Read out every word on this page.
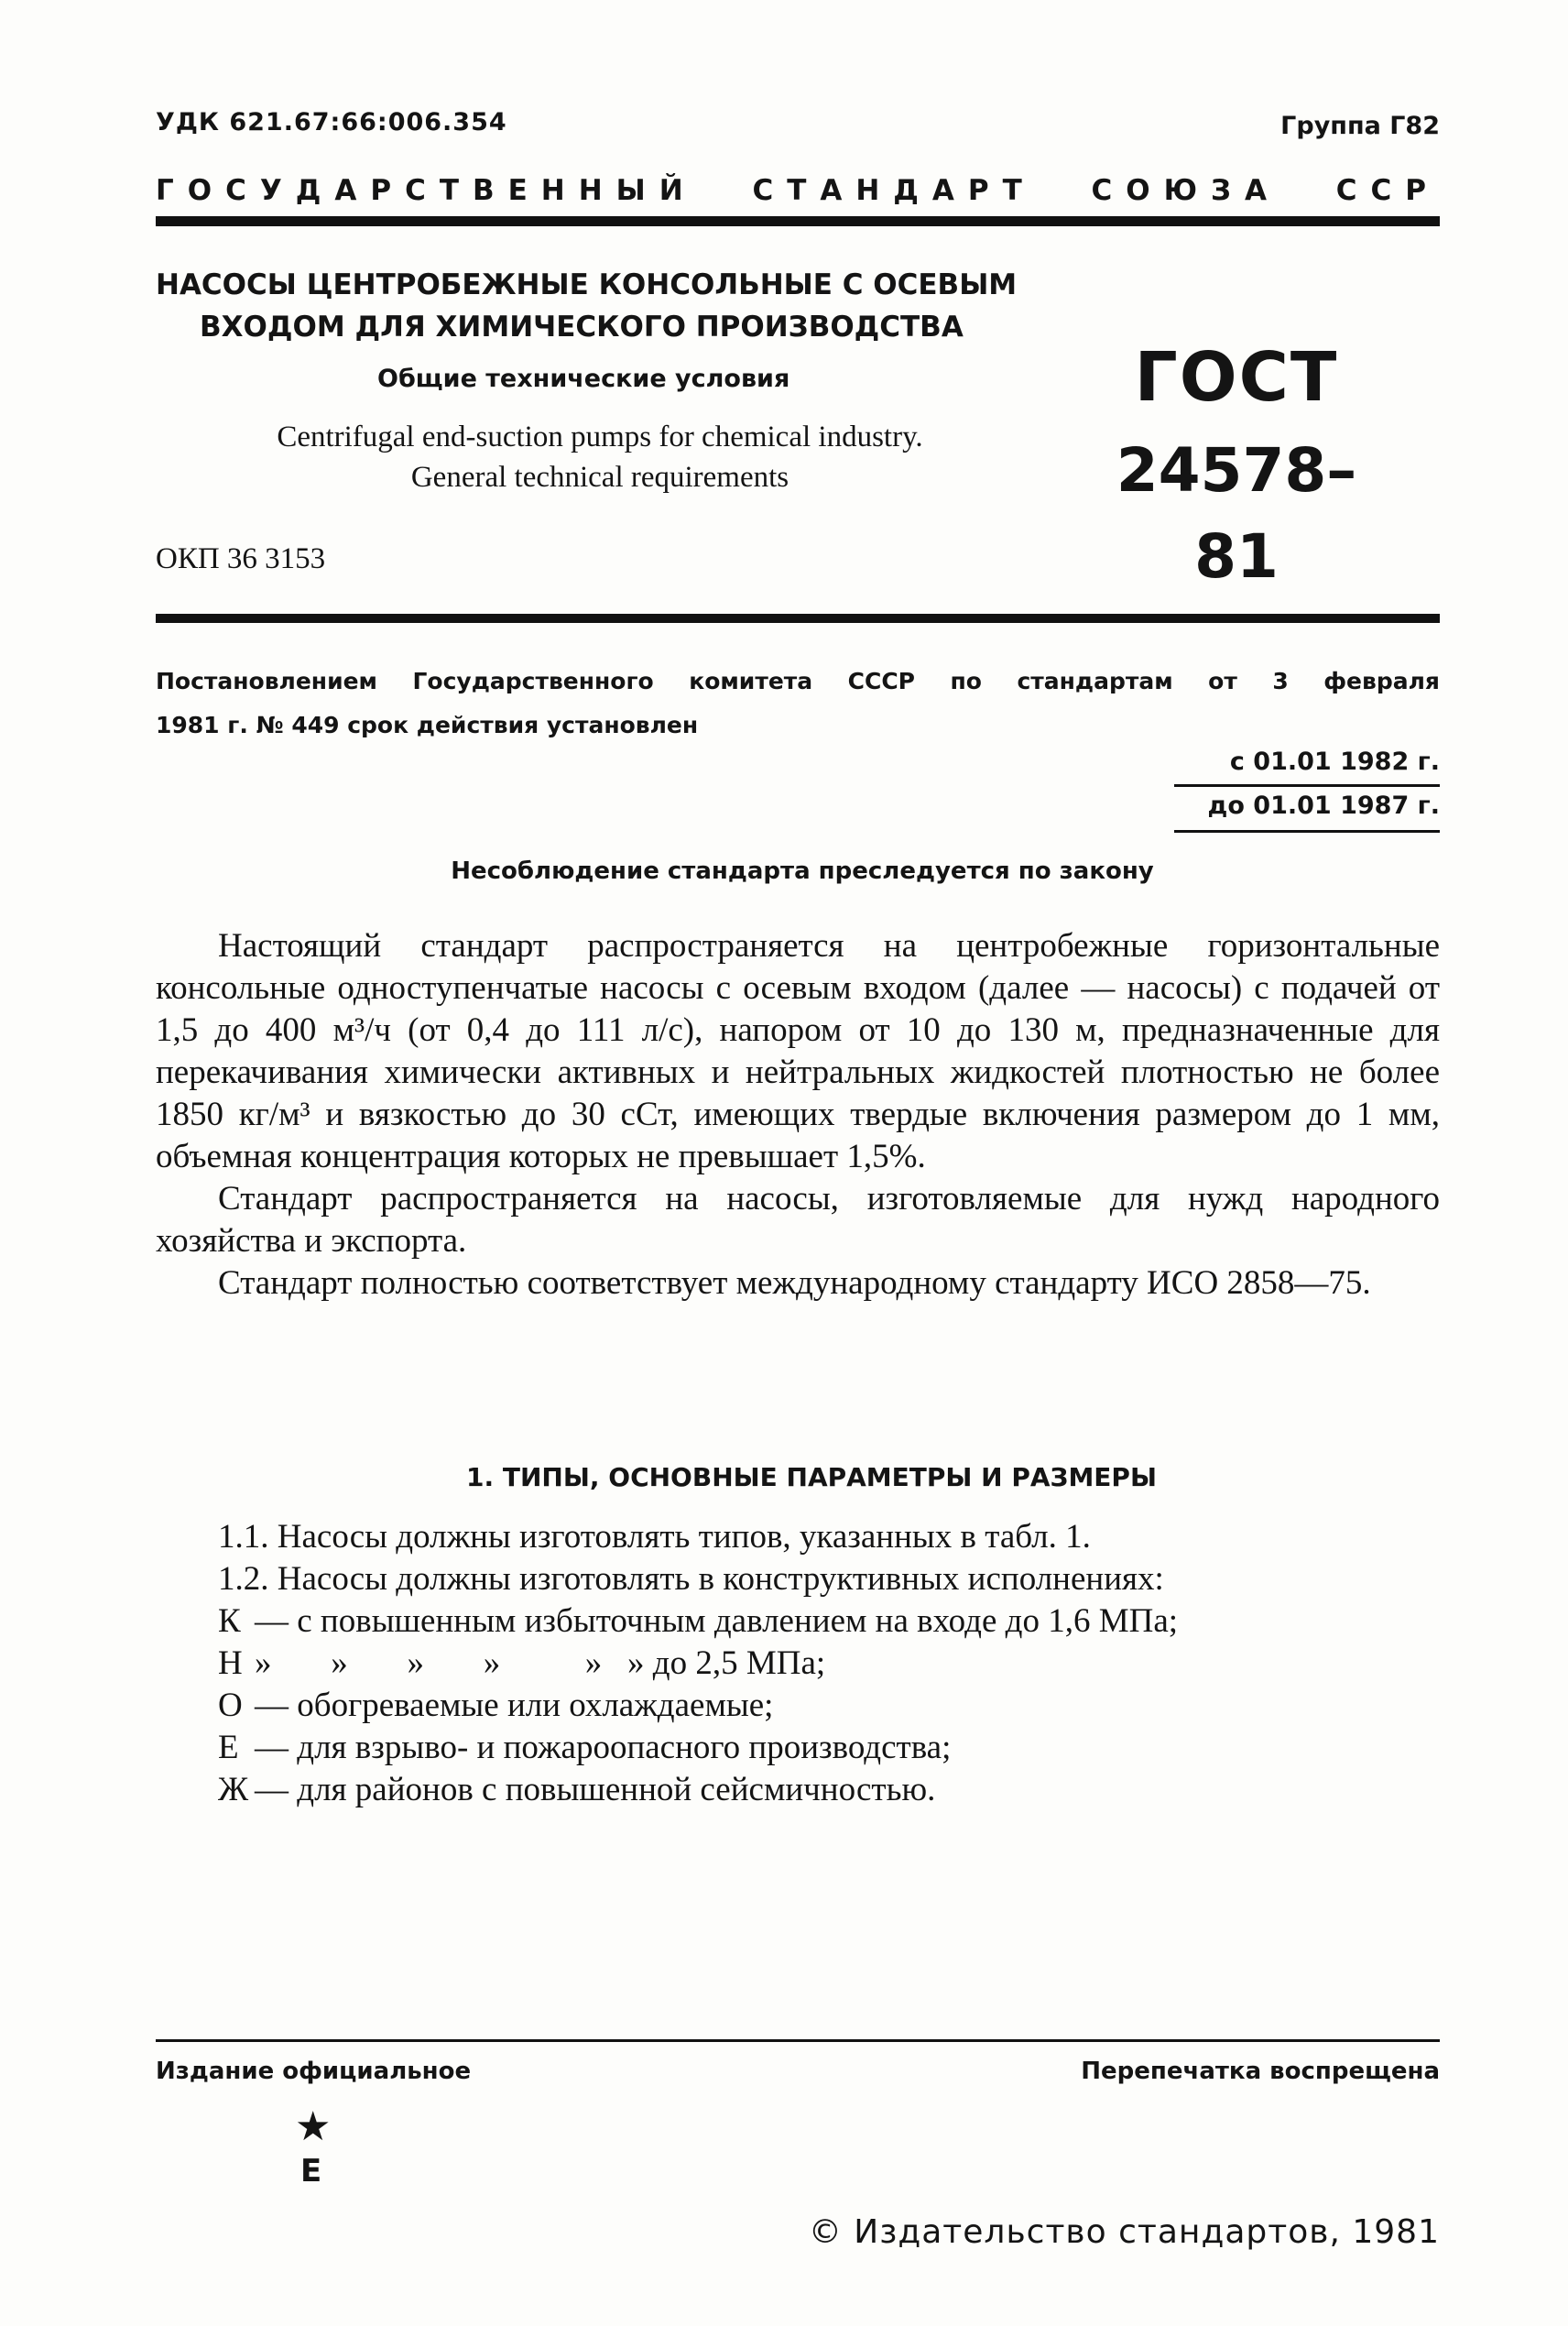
УДК 621.67:66:006.354	Группа Г82
ГОСУДАРСТВЕННЫЙ СТАНДАРТ СОЮЗА ССР
НАСОСЫ ЦЕНТРОБЕЖНЫЕ КОНСОЛЬНЫЕ С ОСЕВЫМ
ВХОДОМ ДЛЯ ХИМИЧЕСКОГО ПРОИЗВОДСТВА
Общие технические условия
Centrifugal end-suction pumps for chemical industry.
General technical requirements
ГОСТ
24578–81
ОКП 36 3153
Постановлением Государственного комитета СССР по стандартам от 3 февраля
1981 г. № 449 срок действия установлен
с 01.01 1982 г.
до 01.01 1987 г.
Несоблюдение стандарта преследуется по закону
Настоящий стандарт распространяется на центробежные горизонтальные консольные одноступенчатые насосы с осевым входом (далее — насосы) с подачей от 1,5 до 400 м³/ч (от 0,4 до 111 л/с), напором от 10 до 130 м, предназначенные для перекачивания химически активных и нейтральных жидкостей плотностью не более 1850 кг/м³ и вязкостью до 30 сСт, имеющих твердые включения размером до 1 мм, объемная концентрация которых не превышает 1,5%.
Стандарт распространяется на насосы, изготовляемые для нужд народного хозяйства и экспорта.
Стандарт полностью соответствует международному стандарту ИСО 2858—75.
1. ТИПЫ, ОСНОВНЫЕ ПАРАМЕТРЫ И РАЗМЕРЫ
1.1. Насосы должны изготовлять типов, указанных в табл. 1.
1.2. Насосы должны изготовлять в конструктивных исполнениях:
К — с повышенным избыточным давлением на входе до 1,6 МПа;
Н »       »       »       »          »   » до 2,5 МПа;
О — обогреваемые или охлаждаемые;
Е — для взрыво- и пожароопасного производства;
Ж — для районов с повышенной сейсмичностью.
Издание официальное	Перепечатка воспрещена
★
Е
© Издательство стандартов, 1981
